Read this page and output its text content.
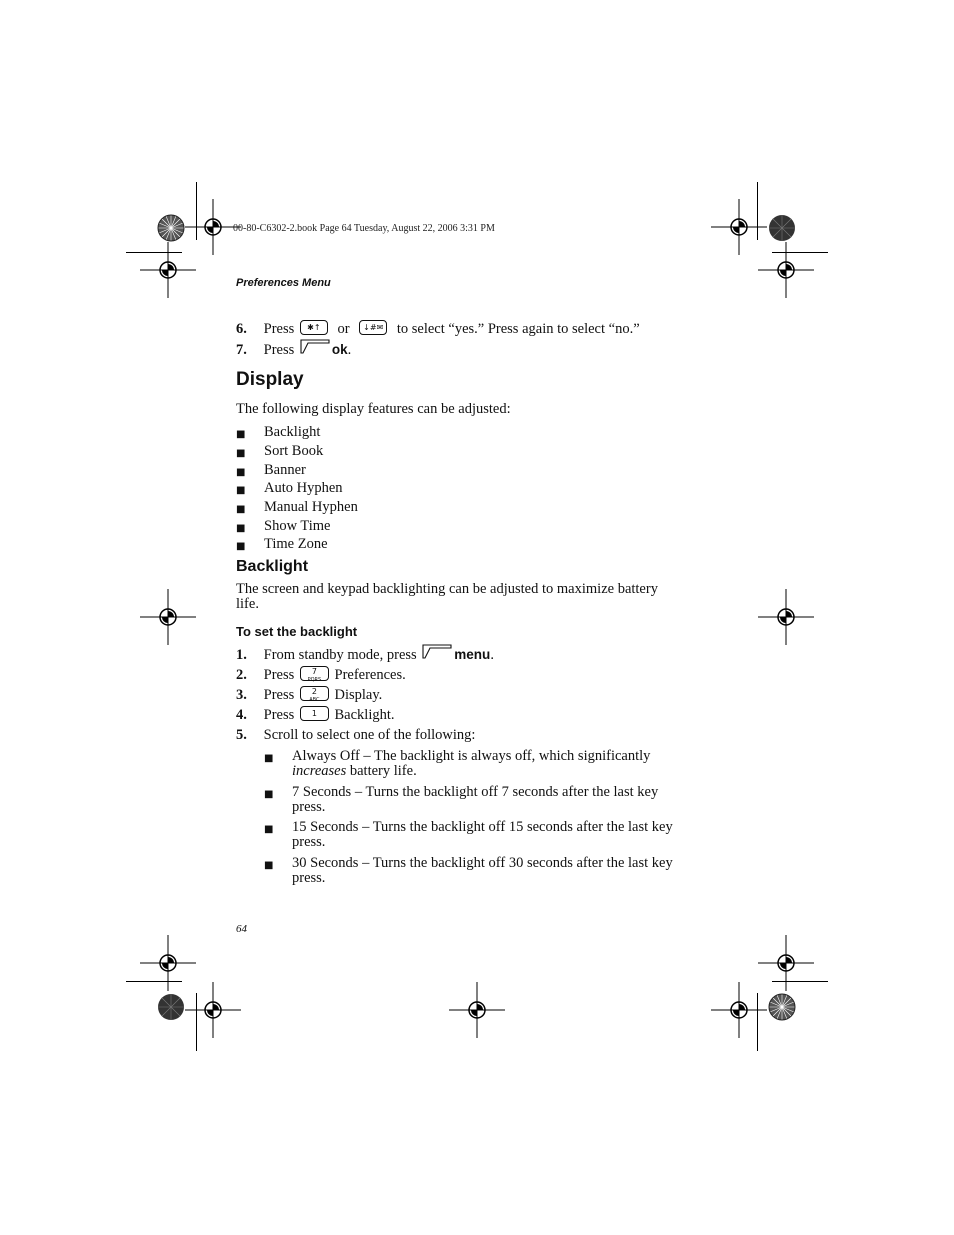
00-80-C6302-2.book Page 64 Tuesday, August 22, 2006 3:31 PM
Preferences Menu
6. Press ✱↑ or ↓#✉ to select “yes.” Press again to select “no.”
7. Press	ok.
Display
The following display features can be adjusted:
■ Backlight
■ Sort Book
■ Banner
■ Auto Hyphen
■ Manual Hyphen
■ Show Time
■ Time Zone
Backlight
The screen and keypad backlighting can be adjusted to maximize battery
life.
To set the backlight
1. From standby mode, press	menu.
2. Press 7
PQRS Preferences.
3. Press 2
ABC Display.
4. Press 1 Backlight.
5. Scroll to select one of the following:
■ Always Off – The backlight is always off, which significantly
increases battery life.
■ 7 Seconds – Turns the backlight off 7 seconds after the last key
press.
■ 15 Seconds – Turns the backlight off 15 seconds after the last key
press.
■ 30 Seconds – Turns the backlight off 30 seconds after the last key
press.
64
